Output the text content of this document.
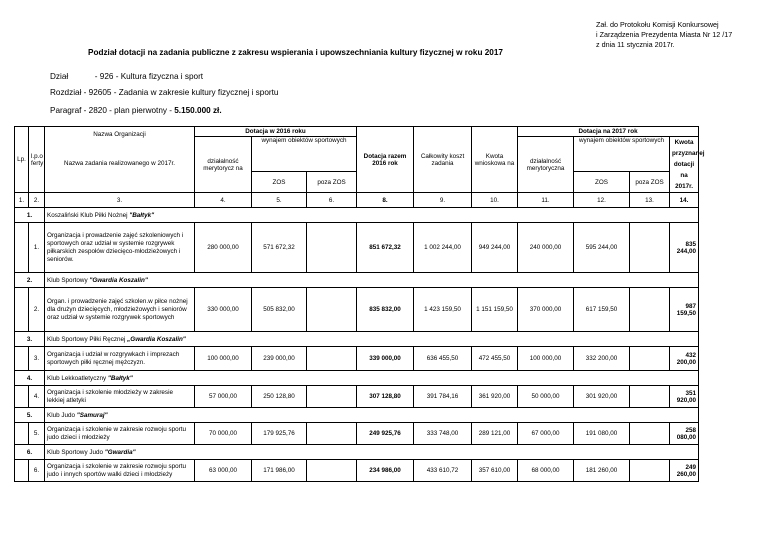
Zał. do Protokołu Komisji Konkursowej
i Zarządzenia Prezydenta Miasta Nr 12 /17
z dnia 11 stycznia 2017r.
Podział dotacji na zadania publiczne z zakresu wspierania i upowszechniania kultury fizycznej w roku 2017
Dział	- 926 - Kultura fizyczna i sport
Rozdział - 92605 - Zadania w zakresie kultury fizycznej i sportu
Paragraf - 2820 - plan pierwotny - 5.150.000 zł.
Lp.	l.p.o ferty	Nazwa Organizacji
Nazwa zadania realizowanego w 2017r.	Dotacja w 2016 roku			Dotacja razem 2016 rok	Całkowity koszt zadania	Kwota wnioskowa na	Dotacja na 2017 rok			
			działalność merytorycz na	wynajem obiektów sportowych					działalność merytoryczna	wynajem obiektów sportowych		Kwota przyznanej dotacji na 2017r.
				ZOS	poza ZOS					ZOS	poza ZOS	
1.	2.	3.	4.	5.	6.	8.	9.	10.	11.	12.	13.	14.
1.		Koszaliński Klub Piłki Nożnej "Bałtyk"										
	1.	Organizacja i prowadzenie zajęć szkoleniowych i sportowych oraz udział w systemie rozgrywek piłkarskich zespołów dziecięco-młodzieżowych i seniorów.	280 000,00	571 672,32		851 672,32	1 002 244,00	949 244,00	240 000,00	595 244,00		835 244,00
2.		Klub Sportowy "Gwardia Koszalin"										
	2.	Organ. i prowadzenie zajęć szkolen.w piłce nożnej dla drużyn dziecięcych, młodzieżowych i seniorów oraz udział w systemie rozgrywek sportowych	330 000,00	505 832,00		835 832,00	1 423 159,50	1 151 159,50	370 000,00	617 159,50		987 159,50
3.		Klub Sportowy Piłki Ręcznej „Gwardia Koszalin"										
	3.	Organizacja i udział w rozgrywkach i imprezach sportowych piłki ręcznej mężczyzn.	100 000,00	239 000,00		339 000,00	636 455,50	472 455,50	100 000,00	332 200,00		432 200,00
4.		Klub Lekkoatletyczny "Bałtyk"										
	4.	Organizacja i szkolenie młodzieży w zakresie lekkiej atletyki	57 000,00	250 128,80		307 128,80	391 784,16	361 920,00	50 000,00	301 920,00		351 920,00
5.		Klub Judo "Samuraj"										
	5.	Organizacja i szkolenie w zakresie rozwoju sportu judo dzieci i młodzieży	70 000,00	179 925,76		249 925,76	333 748,00	289 121,00	67 000,00	191 080,00		258 080,00
6.		Klub Sportowy Judo "Gwardia"										
	6.	Organizacja i szkolenie w zakresie rozwoju sportu judo i innych sportów walki dzieci i młodzieży	63 000,00	171 986,00		234 986,00	433 610,72	357 610,00	68 000,00	181 260,00		249 260,00
